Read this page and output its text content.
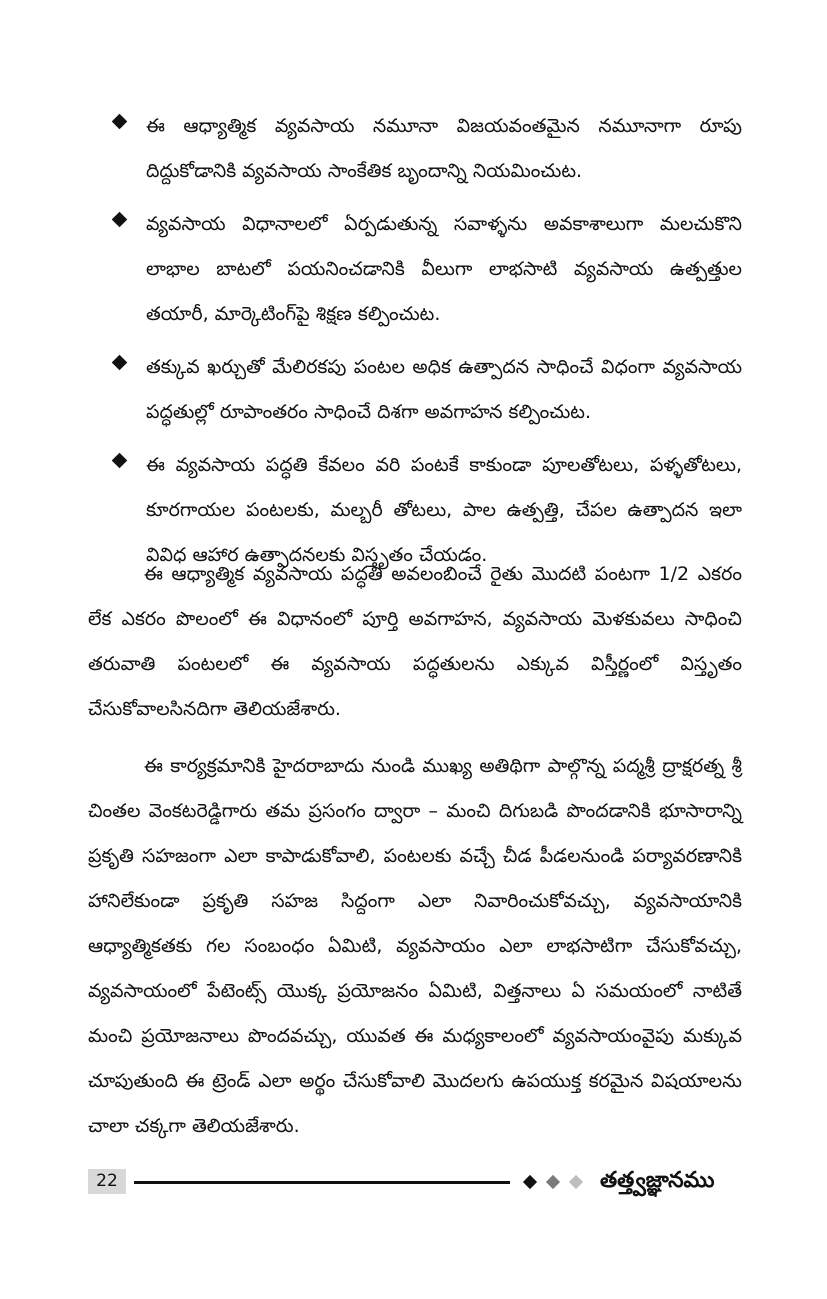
ఈ ఆధ్యాత్మిక వ్యవసాయ నమూనా విజయవంతమైన నమూనాగా రూపు దిద్దుకోడానికి వ్యవసాయ సాంకేతిక బృందాన్ని నియమించుట.

వ్యవసాయ విధానాలలో ఏర్పడుతున్న సవాళ్ళను అవకాశాలుగా మలచుకొని లాభాల బాటలో పయనించడానికి వీలుగా లాభసాటి వ్యవసాయ ఉత్పత్తుల తయారీ, మార్కెటింగ్‌పై శిక్షణ కల్పించుట.

తక్కువ ఖర్చుతో మేలిరకపు పంటల అధిక ఉత్పాదన సాధించే విధంగా వ్యవసాయ పద్ధతుల్లో రూపాంతరం సాధించే దిశగా అవగాహన కల్పించుట.

ఈ వ్యవసాయ పద్ధతి కేవలం వరి పంటకే కాకుండా పూలతోటలు, పళ్ళతోటలు, కూరగాయల పంటలకు, మల్బరీ తోటలు, పాల ఉత్పత్తి, చేపల ఉత్పాదన ఇలా వివిధ ఆహార ఉత్పాదనలకు విస్తృతం చేయడం.

ఈ ఆధ్యాత్మిక వ్యవసాయ పద్ధతి అవలంబించే రైతు మొదటి పంటగా 1/2 ఎకరం లేక ఎకరం పొలంలో ఈ విధానంలో పూర్తి అవగాహన, వ్యవసాయ మెళకువలు సాధించి తరువాతి పంటలలో ఈ వ్యవసాయ పద్ధతులను ఎక్కువ విస్తీర్ణంలో విస్తృతం చేసుకోవాలసినదిగా తెలియజేశారు.

ఈ కార్యక్రమానికి హైదరాబాదు నుండి ముఖ్య అతిథిగా పాల్గొన్న పద్మశ్రీ ద్రాక్షరత్న శ్రీ చింతల వెంకటరెడ్డిగారు తమ ప్రసంగం ద్వారా – మంచి దిగుబడి పొందడానికి భూసారాన్ని ప్రకృతి సహజంగా ఎలా కాపాడుకోవాలి, పంటలకు వచ్చే చీడ పీడలనుండి పర్యావరణానికి హానిలేకుండా ప్రకృతి సహజ సిద్దంగా ఎలా నివారించుకోవచ్చు, వ్యవసాయానికి ఆధ్యాత్మికతకు గల సంబంధం ఏమిటి, వ్యవసాయం ఎలా లాభసాటిగా చేసుకోవచ్చు, వ్యవసాయంలో పేటెంట్స్ యొక్క ప్రయోజనం ఏమిటి, విత్తనాలు ఏ సమయంలో నాటితే మంచి ప్రయోజనాలు పొందవచ్చు, యువత ఈ మధ్యకాలంలో వ్యవసాయంవైపు మక్కువ చూపుతుంది ఈ ట్రెండ్ ఎలా అర్థం చేసుకోవాలి మొదలగు ఉపయుక్త కరమైన విషయాలను చాలా చక్కగా తెలియజేశారు.

22	తత్త్వజ్ఞానము
